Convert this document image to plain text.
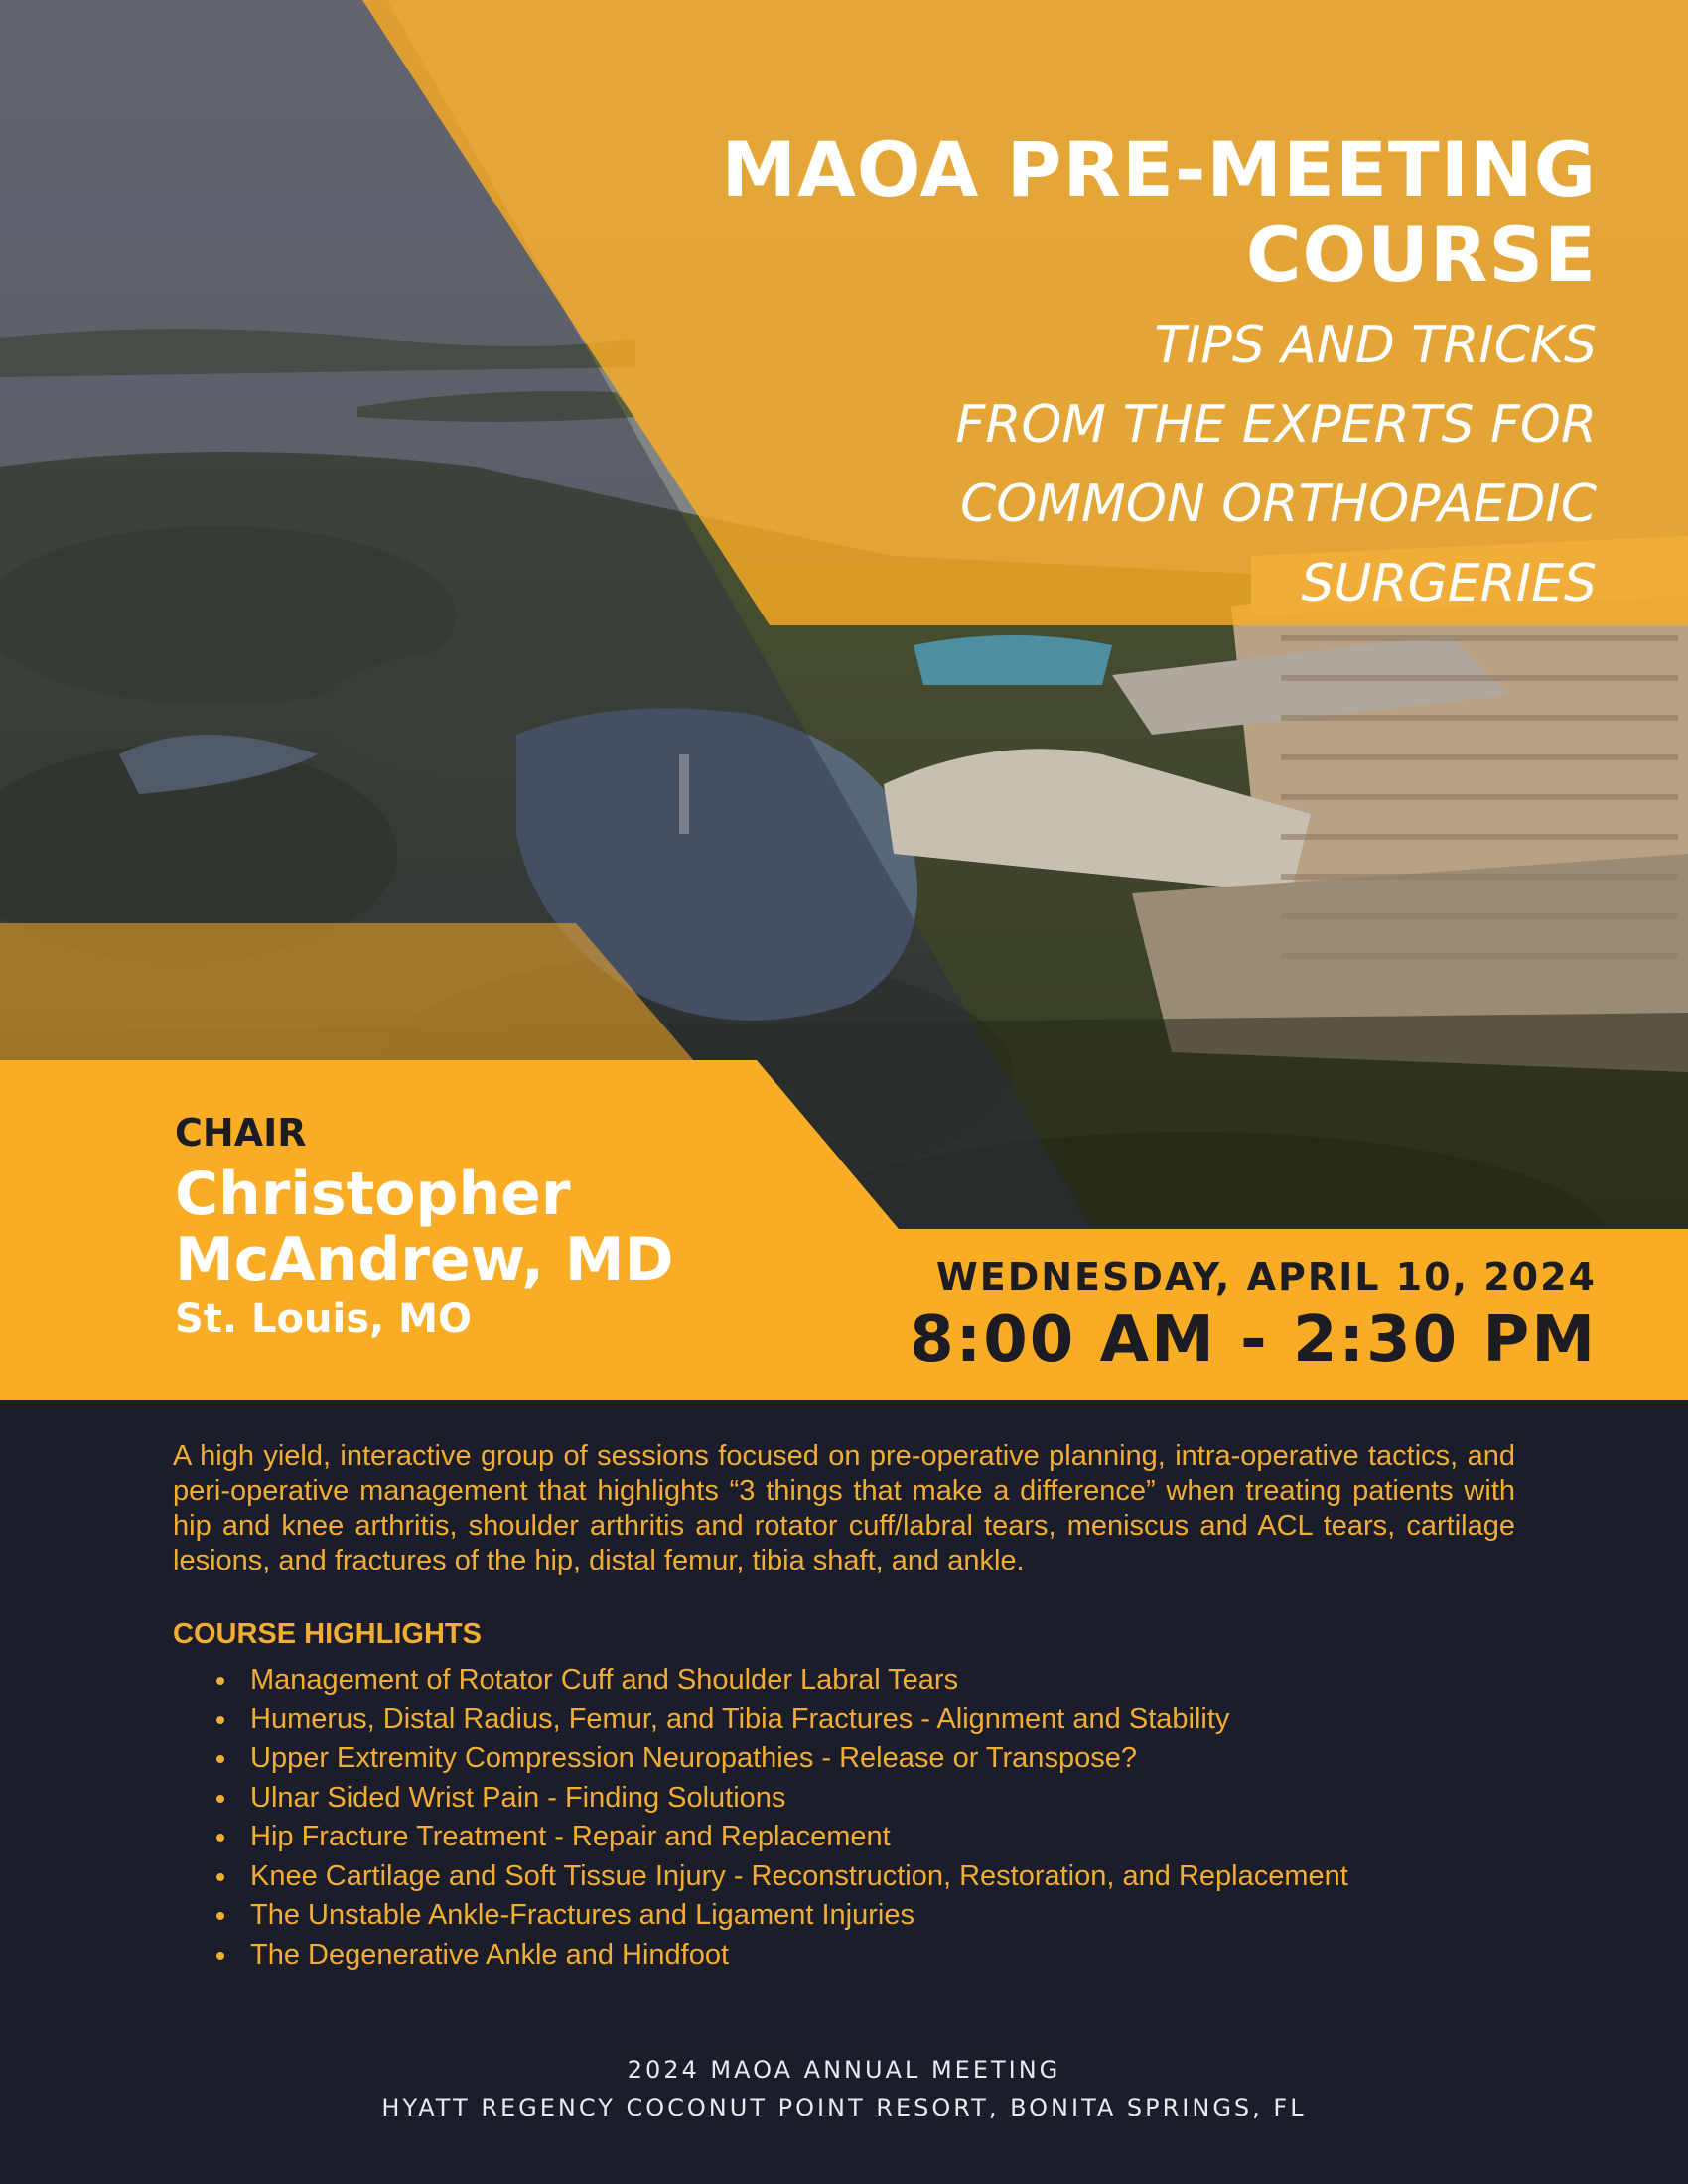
MAOA PRE-MEETING
COURSE
TIPS AND TRICKS
FROM THE EXPERTS FOR
COMMON ORTHOPAEDIC
SURGERIES
CHAIR
Christopher
McAndrew, MD
St. Louis, MO
WEDNESDAY, APRIL 10, 2024
8:00 AM - 2:30 PM

A high yield, interactive group of sessions focused on pre-operative planning, intra-operative tactics, and peri-operative management that highlights “3 things that make a difference” when treating patients with hip and knee arthritis, shoulder arthritis and rotator cuff/labral tears, meniscus and ACL tears, cartilage lesions, and fractures of the hip, distal femur, tibia shaft, and ankle.

COURSE HIGHLIGHTS
Management of Rotator Cuff and Shoulder Labral Tears
Humerus, Distal Radius, Femur, and Tibia Fractures - Alignment and Stability
Upper Extremity Compression Neuropathies - Release or Transpose?
Ulnar Sided Wrist Pain - Finding Solutions
Hip Fracture Treatment - Repair and Replacement
Knee Cartilage and Soft Tissue Injury - Reconstruction, Restoration, and Replacement
The Unstable Ankle-Fractures and Ligament Injuries
The Degenerative Ankle and Hindfoot
2024 MAOA ANNUAL MEETING
HYATT REGENCY COCONUT POINT RESORT, BONITA SPRINGS, FL
